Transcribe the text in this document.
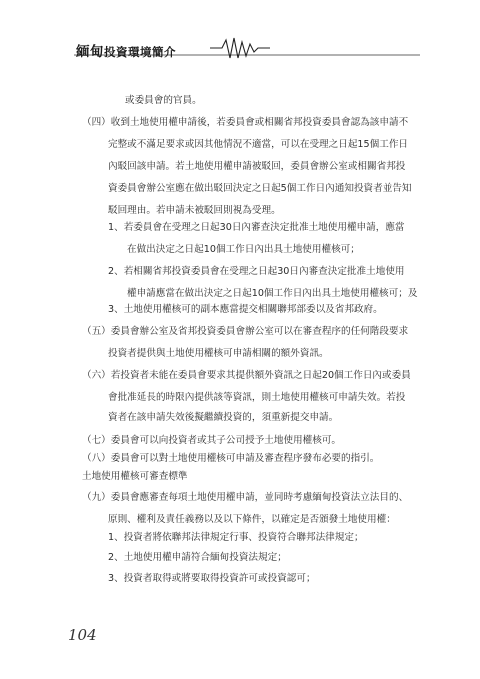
緬甸投資環境簡介
或委員會的官員。
（四）收到土地使用權申請後，若委員會或相關省邦投資委員會認為該申請不
完整或不滿足要求或因其他情況不適當，可以在受理之日起15個工作日
內駁回該申請。若土地使用權申請被駁回，委員會辦公室或相關省邦投
資委員會辦公室應在做出駁回決定之日起5個工作日內通知投資者並告知
駁回理由。若申請未被駁回則視為受理。
1、若委員會在受理之日起30日內審查決定批准土地使用權申請，應當
在做出決定之日起10個工作日內出具土地使用權核可；
2、若相關省邦投資委員會在受理之日起30日內審查決定批准土地使用
權申請應當在做出決定之日起10個工作日內出具土地使用權核可；及
3、土地使用權核可的副本應當提交相關聯邦部委以及省邦政府。
（五）委員會辦公室及省邦投資委員會辦公室可以在審查程序的任何階段要求
投資者提供與土地使用權核可申請相關的額外資訊。
（六）若投資者未能在委員會要求其提供額外資訊之日起20個工作日內或委員
會批准延長的時限內提供該等資訊，則土地使用權核可申請失效。若投
資者在該申請失效後擬繼續投資的，須重新提交申請。
（七）委員會可以向投資者或其子公司授予土地使用權核可。
（八）委員會可以對土地使用權核可申請及審查程序發布必要的指引。
土地使用權核可審查標準
（九）委員會應審查每項土地使用權申請，並同時考慮緬甸投資法立法目的、
原則、權利及責任義務以及以下條件，以確定是否頒發土地使用權：
1、投資者將依聯邦法律規定行事、投資符合聯邦法律規定；
2、土地使用權申請符合緬甸投資法規定；
3、投資者取得或將要取得投資許可或投資認可；
104
